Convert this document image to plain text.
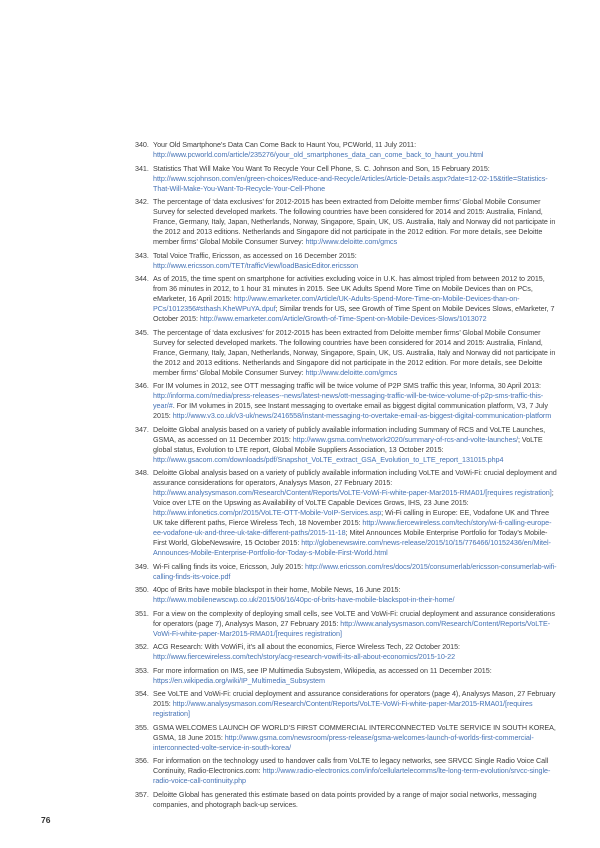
340. Your Old Smartphone’s Data Can Come Back to Haunt You, PCWorld, 11 July 2011: http://www.pcworld.com/article/235276/your_old_smartphones_data_can_come_back_to_haunt_you.html
341. Statistics That Will Make You Want To Recycle Your Cell Phone, S. C. Johnson and Son, 15 February 2015: http://www.scjohnson.com/en/green-choices/Reduce-and-Recycle/Articles/Article-Details.aspx?date=12-02-15&title=Statistics-That-Will-Make-You-Want-To-Recycle-Your-Cell-Phone
342. The percentage of ‘data exclusives’ for 2012-2015 has been extracted from Deloitte member firms’ Global Mobile Consumer Survey for selected developed markets. The following countries have been considered for 2014 and 2015: Australia, Finland, France, Germany, Italy, Japan, Netherlands, Norway, Singapore, Spain, UK, US. Australia, Italy and Norway did not participate in the 2012 and 2013 editions. Netherlands and Singapore did not participate in the 2012 edition. For more details, see Deloitte member firms’ Global Mobile Consumer Survey: http://www.deloitte.com/gmcs
343. Total Voice Traffic, Ericsson, as accessed on 16 December 2015: http://www.ericsson.com/TET/trafficView/loadBasicEditor.ericsson
344. As of 2015, the time spent on smartphone for activities excluding voice in U.K. has almost tripled from between 2012 to 2015, from 36 minutes in 2012, to 1 hour 31 minutes in 2015. See UK Adults Spend More Time on Mobile Devices than on PCs, eMarketer, 16 April 2015: http://www.emarketer.com/Article/UK-Adults-Spend-More-Time-on-Mobile-Devices-than-on-PCs/1012356#sthash.KheWPuYA.dpuf; Similar trends for US, see Growth of Time Spent on Mobile Devices Slows, eMarketer, 7 October 2015: http://www.emarketer.com/Article/Growth-of-Time-Spent-on-Mobile-Devices-Slows/1013072
345. The percentage of ‘data exclusives’ for 2012-2015 has been extracted from Deloitte member firms’ Global Mobile Consumer Survey for selected developed markets. The following countries have been considered for 2014 and 2015: Australia, Finland, France, Germany, Italy, Japan, Netherlands, Norway, Singapore, Spain, UK, US. Australia, Italy and Norway did not participate in the 2012 and 2013 editions. Netherlands and Singapore did not participate in the 2012 edition. For more details, see Deloitte member firms’ Global Mobile Consumer Survey: http://www.deloitte.com/gmcs
346. For IM volumes in 2012, see OTT messaging traffic will be twice volume of P2P SMS traffic this year, Informa, 30 April 2013: http://informa.com/media/press-releases--news/latest-news/ott-messaging-traffic-will-be-twice-volume-of-p2p-sms-traffic-this-year/#. For IM volumes in 2015, see Instant messaging to overtake email as biggest digital communication platform, V3, 7 July 2015: http://www.v3.co.uk/v3-uk/news/2416558/instant-messaging-to-overtake-email-as-biggest-digital-communication-platform
347. Deloitte Global analysis based on a variety of publicly available information including Summary of RCS and VoLTE Launches, GSMA, as accessed on 11 December 2015: http://www.gsma.com/network2020/summary-of-rcs-and-volte-launches/; VoLTE global status, Evolution to LTE report, Global Mobile Suppliers Association, 13 October 2015: http://www.gsacom.com/downloads/pdf/Snapshot_VoLTE_extract_GSA_Evolution_to_LTE_report_131015.php4
348. Deloitte Global analysis based on a variety of publicly available information including VoLTE and VoWi-Fi: crucial deployment and assurance considerations for operators, Analysys Mason, 27 February 2015: http://www.analysysmason.com/Research/Content/Reports/VoLTE-VoWi-Fi-white-paper-Mar2015-RMA01/[requires registration]; Voice over LTE on the Upswing as Availability of VoLTE Capable Devices Grows, IHS, 23 June 2015: http://www.infonetics.com/pr/2015/VoLTE-OTT-Mobile-VoIP-Services.asp; Wi-Fi calling in Europe: EE, Vodafone UK and Three UK take different paths, Fierce Wireless Tech, 18 November 2015: http://www.fiercewireless.com/tech/story/wi-fi-calling-europe-ee-vodafone-uk-and-three-uk-take-different-paths/2015-11-18; Mitel Announces Mobile Enterprise Portfolio for Today’s Mobile-First World, GlobeNewswire, 15 October 2015: http://globenewswire.com/news-release/2015/10/15/776466/10152436/en/Mitel-Announces-Mobile-Enterprise-Portfolio-for-Today-s-Mobile-First-World.html
349. Wi-Fi calling finds its voice, Ericsson, July 2015: http://www.ericsson.com/res/docs/2015/consumerlab/ericsson-consumerlab-wifi-calling-finds-its-voice.pdf
350. 40pc of Brits have mobile blackspot in their home, Mobile News, 16 June 2015: http://www.mobilenewscwp.co.uk/2015/06/16/40pc-of-brits-have-mobile-blackspot-in-their-home/
351. For a view on the complexity of deploying small cells, see VoLTE and VoWi-Fi: crucial deployment and assurance considerations for operators (page 7), Analysys Mason, 27 February 2015: http://www.analysysmason.com/Research/Content/Reports/VoLTE-VoWi-Fi-white-paper-Mar2015-RMA01/[requires registration]
352. ACG Research: With VoWiFi, it’s all about the economics, Fierce Wireless Tech, 22 October 2015: http://www.fiercewireless.com/tech/story/acg-research-vowifi-its-all-about-economics/2015-10-22
353. For more information on IMS, see IP Multimedia Subsystem, Wikipedia, as accessed on 11 December 2015: https://en.wikipedia.org/wiki/IP_Multimedia_Subsystem
354. See VoLTE and VoWi-Fi: crucial deployment and assurance considerations for operators (page 4), Analysys Mason, 27 February 2015: http://www.analysysmason.com/Research/Content/Reports/VoLTE-VoWi-Fi-white-paper-Mar2015-RMA01/[requires registration]
355. GSMA WELCOMES LAUNCH OF WORLD’S FIRST COMMERCIAL INTERCONNECTED VoLTE SERVICE IN SOUTH KOREA, GSMA, 18 June 2015: http://www.gsma.com/newsroom/press-release/gsma-welcomes-launch-of-worlds-first-commercial-interconnected-volte-service-in-south-korea/
356. For information on the technology used to handover calls from VoLTE to legacy networks, see SRVCC Single Radio Voice Call Continuity, Radio-Electronics.com: http://www.radio-electronics.com/info/cellulartelecomms/lte-long-term-evolution/srvcc-single-radio-voice-call-continuity.php
357. Deloitte Global has generated this estimate based on data points provided by a range of major social networks, messaging companies, and photograph back-up services.
76
